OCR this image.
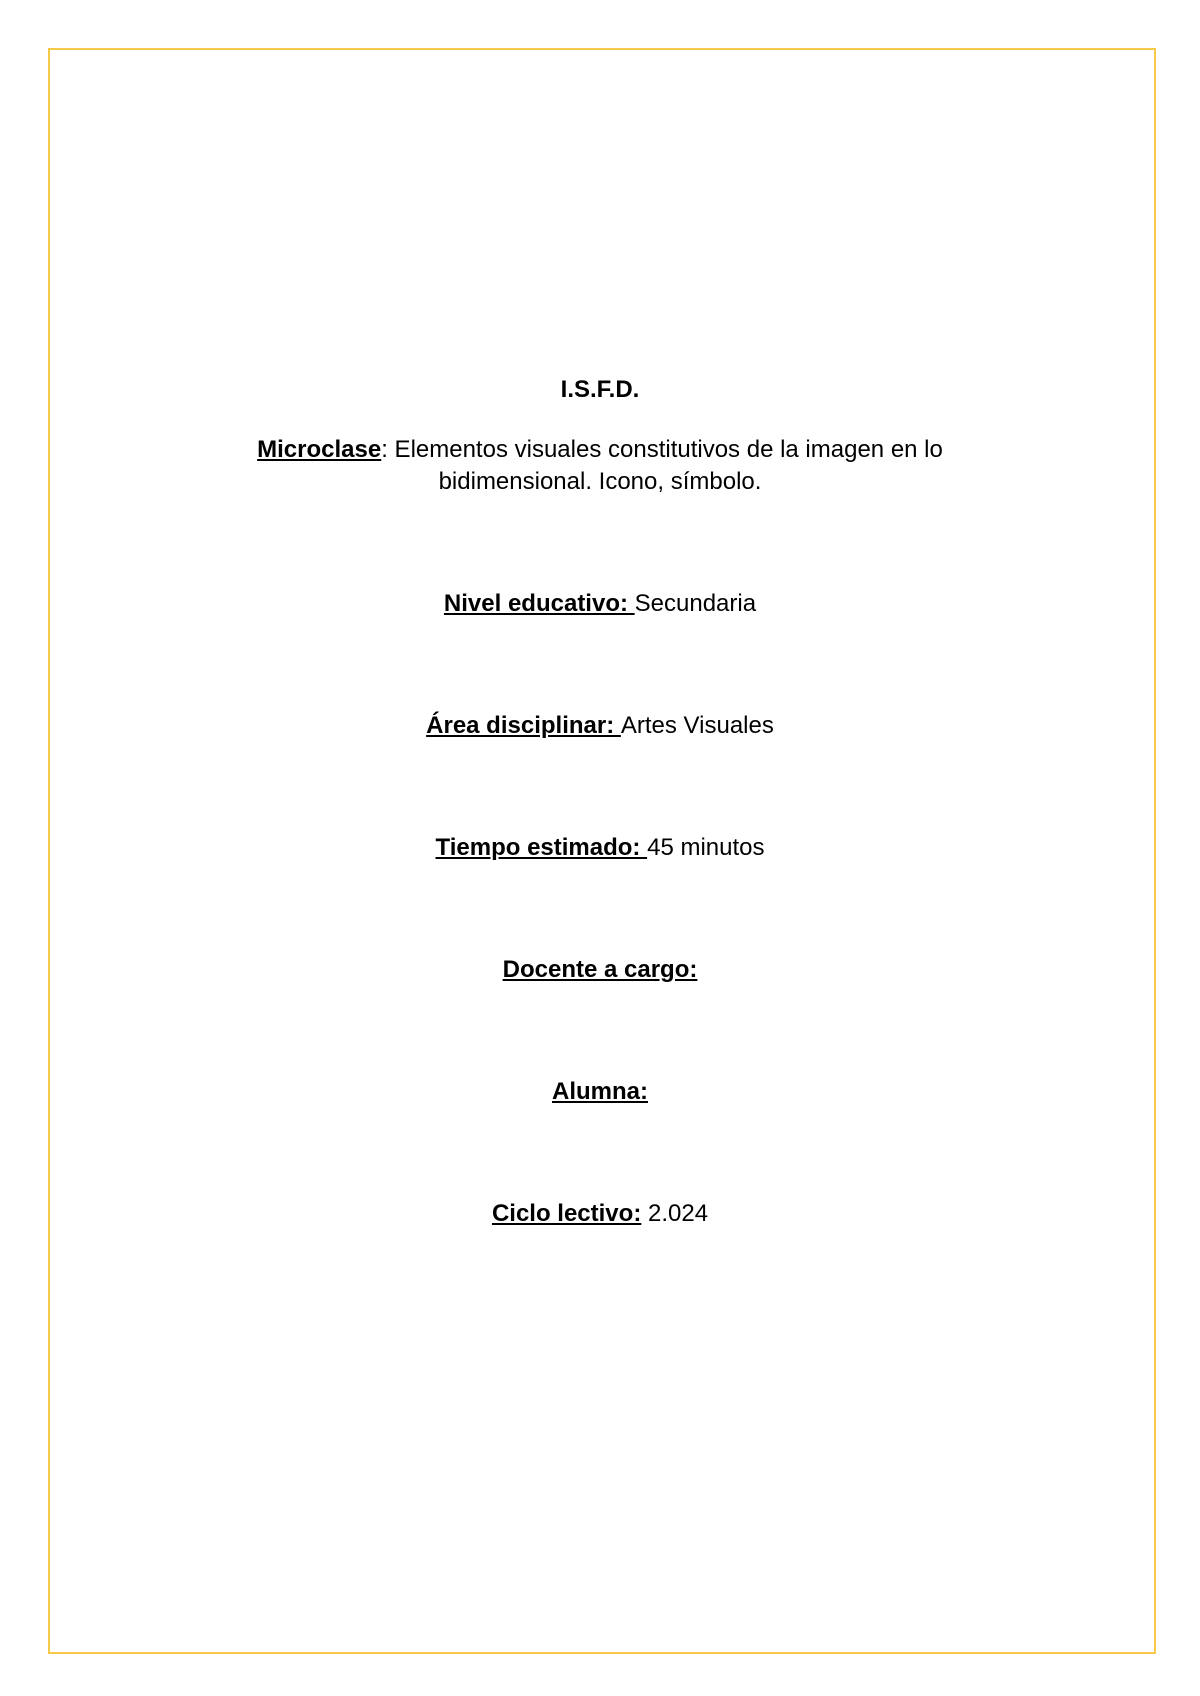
I.S.F.D.
Microclase: Elementos visuales constitutivos de la imagen en lo
bidimensional. Icono, símbolo.
Nivel educativo: Secundaria
Área disciplinar: Artes Visuales
Tiempo estimado: 45 minutos
Docente a cargo:
Alumna:
Ciclo lectivo: 2.024
